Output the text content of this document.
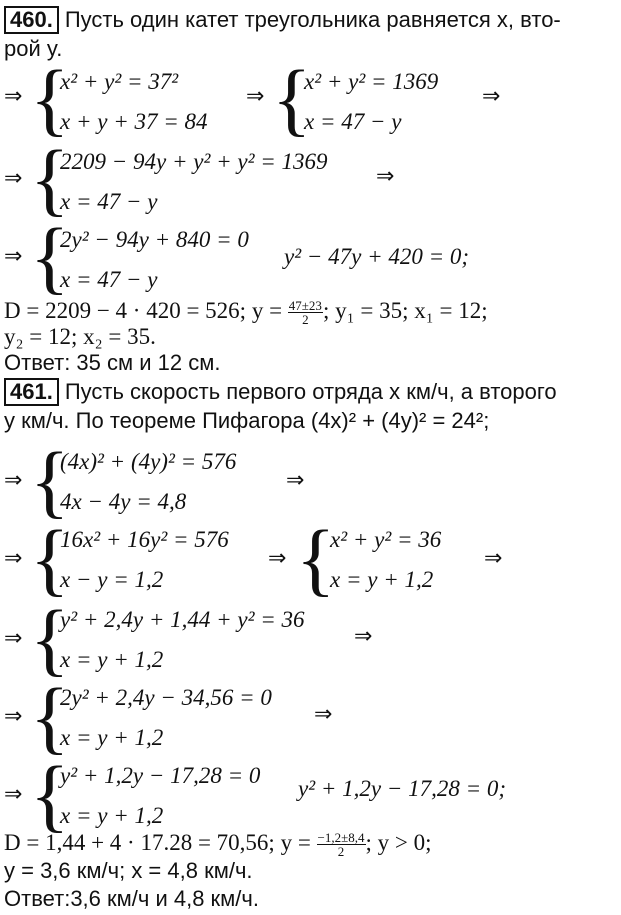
460. Пусть один катет треугольника равняется x, вто-
рой y.
⇒ {
x² + y² = 37²
x + y + 37 = 84
⇒ {
x² + y² = 1369
x = 47 − y
⇒
⇒ {
2209 − 94y + y² + y² = 1369
x = 47 − y
⇒
⇒ {
2y² − 94y + 840 = 0
x = 47 − y
y² − 47y + 420 = 0;
D = 2209 − 4 · 420 = 526; $y = \frac{47\pm 23}{2}$ ; y₁ = 35; x₁ = 12;
y₂ = 12; x₂ = 35.
Ответ: 35 см и 12 см.
461. Пусть скорость первого отряда x км/ч, а второго
y км/ч. По теореме Пифагора (4x)² + (4y)² = 24²;
⇒ {
(4x)² + (4y)² = 576
4x − 4y = 4,8
⇒
⇒ {
16x² + 16y² = 576
x − y = 1,2
⇒ {
x² + y² = 36
x = y + 1,2
⇒
⇒ {
y² + 2,4y + 1,44 + y² = 36
x = y + 1,2
⇒
⇒ {
2y² + 2,4y − 34,56 = 0
x = y + 1,2
⇒
⇒ {
y² + 1,2y − 17,28 = 0
x = y + 1,2
y² + 1,2y − 17,28 = 0;
D = 1,44 + 4 · 17.28 = 70,56; $y = \frac{-1,2\pm 8,4}{2}$ ; y > 0;
y = 3,6 км/ч; x = 4,8 км/ч.
Ответ:3,6 км/ч и 4,8 км/ч.
